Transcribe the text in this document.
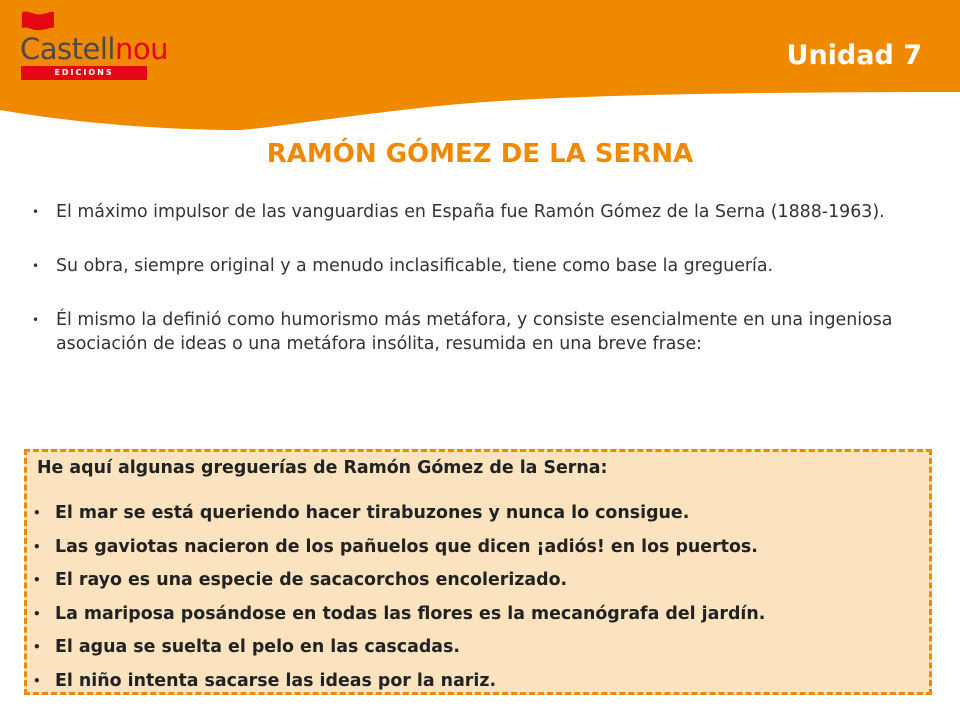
Castellnou
EDICIONS
Unidad 7
RAMÓN GÓMEZ DE LA SERNA
• El máximo impulsor de las vanguardias en España fue Ramón Gómez de la Serna (1888-1963).
• Su obra, siempre original y a menudo inclasificable, tiene como base la greguería.
• Él mismo la definió como humorismo más metáfora, y consiste esencialmente en una ingeniosa asociación de ideas o una metáfora insólita, resumida en una breve frase:
He aquí algunas greguerías de Ramón Gómez de la Serna:
• El mar se está queriendo hacer tirabuzones y nunca lo consigue.
• Las gaviotas nacieron de los pañuelos que dicen ¡adiós! en los puertos.
• El rayo es una especie de sacacorchos encolerizado.
• La mariposa posándose en todas las flores es la mecanógrafa del jardín.
• El agua se suelta el pelo en las cascadas.
• El niño intenta sacarse las ideas por la nariz.
